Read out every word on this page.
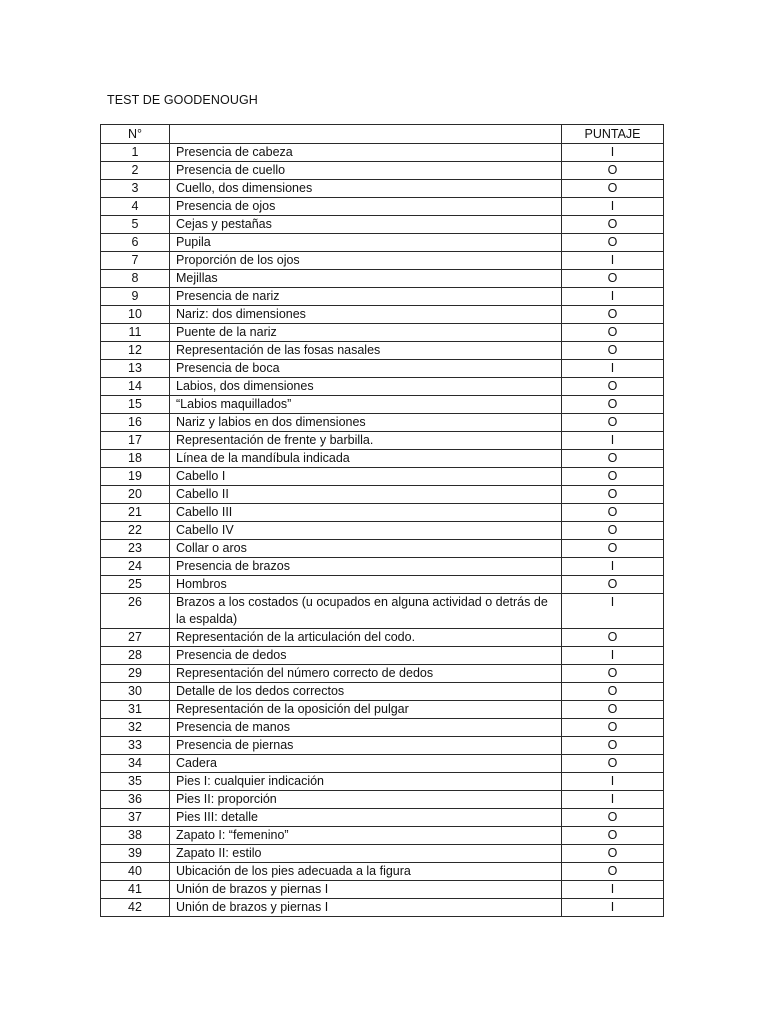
TEST DE GOODENOUGH
N°		PUNTAJE
1	Presencia de cabeza	I
2	Presencia de cuello	O
3	Cuello, dos dimensiones	O
4	Presencia de ojos	I
5	Cejas y pestañas	O
6	Pupila	O
7	Proporción de los ojos	I
8	Mejillas	O
9	Presencia de nariz	I
10	Nariz: dos dimensiones	O
11	Puente de la nariz	O
12	Representación de las fosas nasales	O
13	Presencia de boca	I
14	Labios, dos dimensiones	O
15	“Labios maquillados”	O
16	Nariz y labios en dos dimensiones	O
17	Representación de frente y barbilla.	I
18	Línea de la mandíbula indicada	O
19	Cabello I	O
20	Cabello II	O
21	Cabello III	O
22	Cabello IV	O
23	Collar o aros	O
24	Presencia de brazos	I
25	Hombros	O
26	Brazos a los costados (u ocupados en alguna actividad o detrás de la espalda)	I
27	Representación de la articulación del codo.	O
28	Presencia de dedos	I
29	Representación del número correcto de dedos	O
30	Detalle de los dedos correctos	O
31	Representación de la oposición del pulgar	O
32	Presencia de manos	O
33	Presencia de piernas	O
34	Cadera	O
35	Pies I: cualquier indicación	I
36	Pies II: proporción	I
37	Pies III: detalle	O
38	Zapato I: “femenino”	O
39	Zapato II: estilo	O
40	Ubicación de los pies adecuada a la figura	O
41	Unión de brazos y piernas I	I
42	Unión de brazos y piernas I	I
